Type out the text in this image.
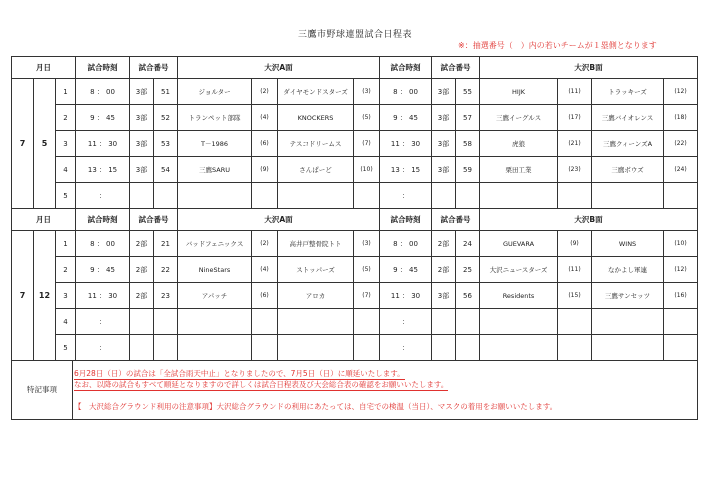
三鷹市野球連盟試合日程表
※：抽選番号（　）内の若いチームが１塁側となります
月日			試合時刻	試合番号		大沢A面				試合時刻	試合番号		大沢B面			
7	5	1	8 ： 00	3部	51	ジョルター	(2)	ダイヤモンドスターズ	(3)	8 ： 00	3部	55	HIJK	(11)	トラッキーズ	(12)
		2	9 ： 45	3部	52	トランペット部隊	(4)	KNOCKERS	(5)	9 ： 45	3部	57	三鷹イーグルス	(17)	三鷹バイオレンス	(18)
		3	11 ： 30	3部	53	T－1986	(6)	テスコドリームス	(7)	11 ： 30	3部	58	虎狼	(21)	三鷹クィーンズA	(22)
		4	13 ： 15	3部	54	三鷹SARU	(9)	さんぱーど	(10)	13 ： 15	3部	59	栗田工業	(23)	三鷹ボウズ	(24)
		5	：							：						
月日			試合時刻	試合番号		大沢A面				試合時刻	試合番号		大沢B面			
7	12	1	8 ： 00	2部	21	バッドフェニックス	(2)	高井戸整骨院トト	(3)	8 ： 00	2部	24	GUEVARA	(9)	WINS	(10)
		2	9 ： 45	2部	22	NineStars	(4)	ストッパーズ	(5)	9 ： 45	2部	25	大沢ニュースターズ	(11)	なかよし軍連	(12)
		3	11 ： 30	2部	23	アパッチ	(6)	アロカ	(7)	11 ： 30	3部	56	Residents	(15)	三鷹サンセッツ	(16)
		4	：							：						
		5	：							：						

特記事項
6月28日（日）の試合は「全試合雨天中止」となりましたので、7月5日（日）に順延いたします。
なお、以降の試合もすべて順延となりますので詳しくは試合日程表及び大会総合表の確認をお願いいたします。
【　大沢総合グラウンド利用の注意事項】大沢総合グラウンドの利用にあたっては、自宅での検温（当日）、マスクの着用をお願いいたします。																
